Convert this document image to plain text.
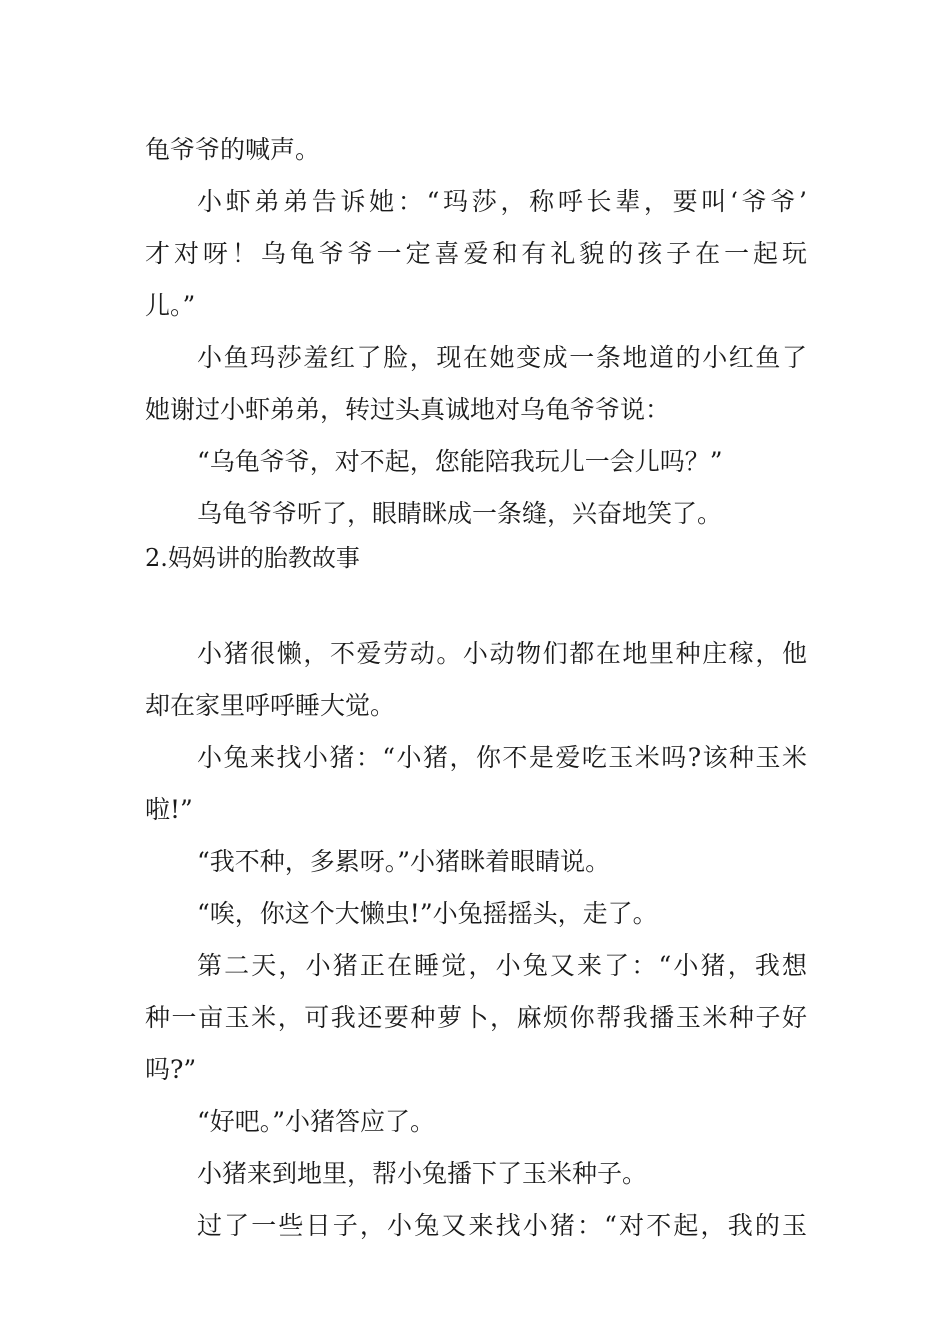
龟爷爷的喊声。
小虾弟弟告诉她：“玛莎，称呼长辈，要叫‘爷爷’
才对呀！乌龟爷爷一定喜爱和有礼貌的孩子在一起玩
儿。”
小鱼玛莎羞红了脸，现在她变成一条地道的小红鱼了
她谢过小虾弟弟，转过头真诚地对乌龟爷爷说：
“乌龟爷爷，对不起，您能陪我玩儿一会儿吗？”
乌龟爷爷听了，眼睛眯成一条缝，兴奋地笑了。
2.妈妈讲的胎教故事
小猪很懒，不爱劳动。小动物们都在地里种庄稼，他
却在家里呼呼睡大觉。
小兔来找小猪：“小猪，你不是爱吃玉米吗?该种玉米
啦!”
“我不种，多累呀。”小猪眯着眼睛说。
“唉，你这个大懒虫!”小兔摇摇头，走了。
第二天，小猪正在睡觉，小兔又来了：“小猪，我想
种一亩玉米，可我还要种萝卜，麻烦你帮我播玉米种子好
吗?”
“好吧。”小猪答应了。
小猪来到地里，帮小兔播下了玉米种子。
过了一些日子，小兔又来找小猪：“对不起，我的玉
